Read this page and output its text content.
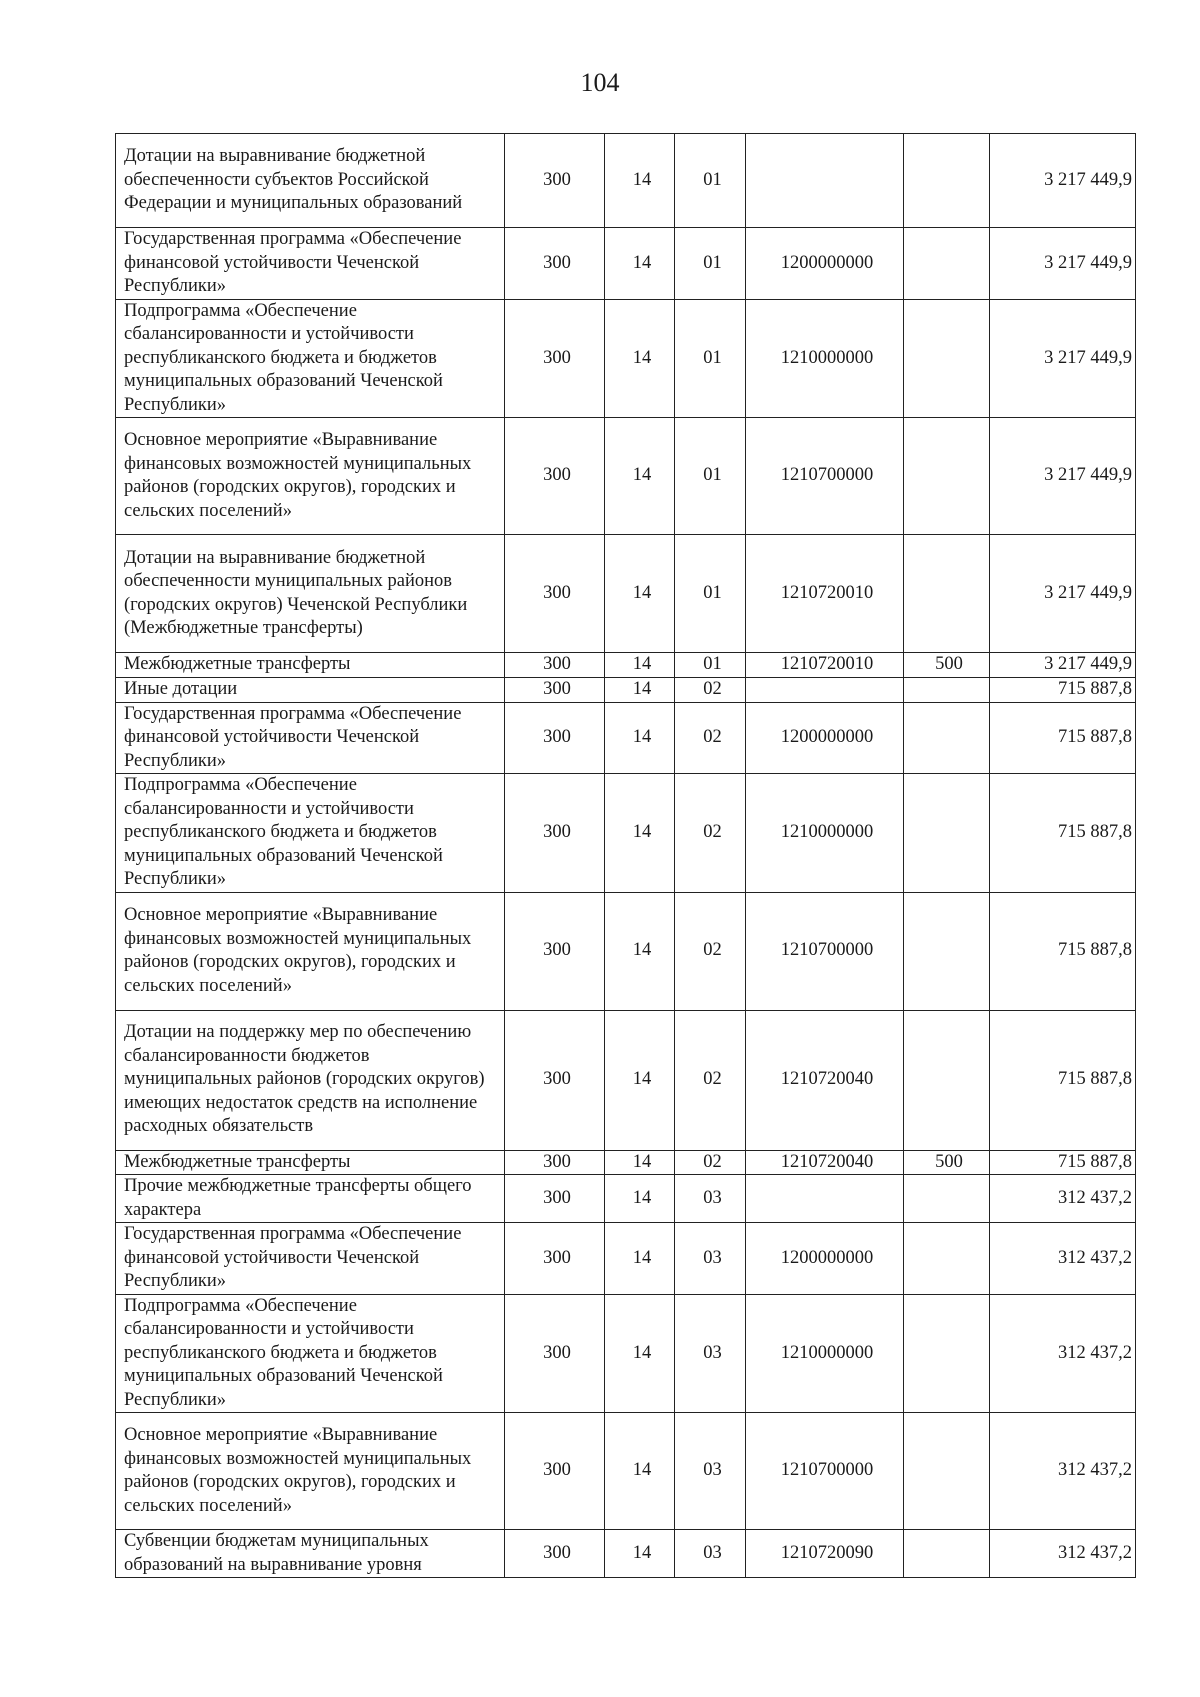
104
Дотации на выравнивание бюджетной обеспеченности субъектов Российской Федерации и муниципальных образований	300	14	01			3 217 449,9
Государственная программа «Обеспечение финансовой устойчивости Чеченской Республики»	300	14	01	1200000000		3 217 449,9
Подпрограмма «Обеспечение сбалансированности и устойчивости республиканского бюджета и бюджетов муниципальных образований Чеченской Республики»	300	14	01	1210000000		3 217 449,9
Основное мероприятие «Выравнивание финансовых возможностей муниципальных районов (городских округов), городских и сельских поселений»	300	14	01	1210700000		3 217 449,9
Дотации на выравнивание бюджетной обеспеченности муниципальных районов (городских округов) Чеченской Республики (Межбюджетные трансферты)	300	14	01	1210720010		3 217 449,9
Межбюджетные трансферты	300	14	01	1210720010	500	3 217 449,9
Иные дотации	300	14	02			715 887,8
Государственная программа «Обеспечение финансовой устойчивости Чеченской Республики»	300	14	02	1200000000		715 887,8
Подпрограмма «Обеспечение сбалансированности и устойчивости республиканского бюджета и бюджетов муниципальных образований Чеченской Республики»	300	14	02	1210000000		715 887,8
Основное мероприятие «Выравнивание финансовых возможностей муниципальных районов (городских округов), городских и сельских поселений»	300	14	02	1210700000		715 887,8
Дотации на поддержку мер по обеспечению сбалансированности бюджетов муниципальных районов (городских округов) имеющих недостаток средств на исполнение расходных обязательств	300	14	02	1210720040		715 887,8
Межбюджетные трансферты	300	14	02	1210720040	500	715 887,8
Прочие межбюджетные трансферты общего характера	300	14	03			312 437,2
Государственная программа «Обеспечение финансовой устойчивости Чеченской Республики»	300	14	03	1200000000		312 437,2
Подпрограмма «Обеспечение сбалансированности и устойчивости республиканского бюджета и бюджетов муниципальных образований Чеченской Республики»	300	14	03	1210000000		312 437,2
Основное мероприятие «Выравнивание финансовых возможностей муниципальных районов (городских округов), городских и сельских поселений»	300	14	03	1210700000		312 437,2
Субвенции бюджетам муниципальных образований на выравнивание уровня	300	14	03	1210720090		312 437,2
